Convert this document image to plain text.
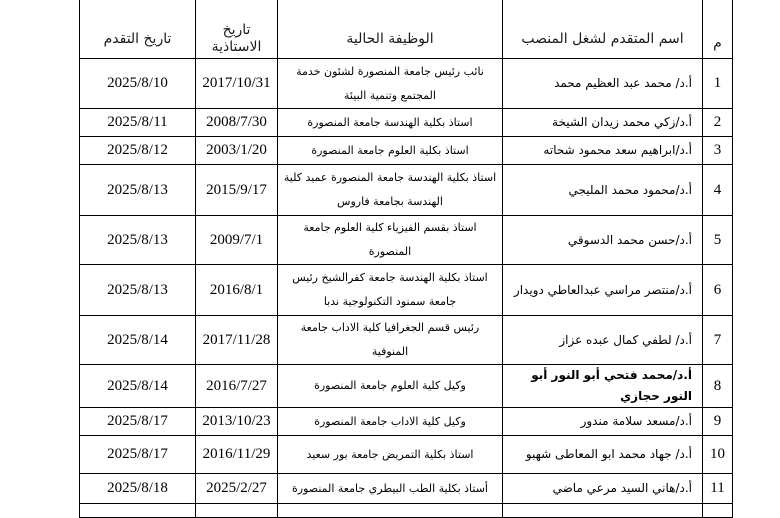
م	اسم المتقدم لشغل المنصب	الوظيفة الحالية	تاريخ الاستاذية	تاريخ التقدم
1	أ.د/ محمد عبد العظيم محمد	نائب رئيس جامعة المنصورة لشئون خدمة المجتمع وتنمية البيئة	2017/10/31	2025/8/10
2	أ.د/زكي محمد زيدان الشيخة	استاذ بكلية الهندسة جامعة المنصورة	2008/7/30	2025/8/11
3	أ.د/ابراهيم سعد محمود شحاته	استاذ بكلية العلوم جامعة المنصورة	2003/1/20	2025/8/12
4	أ.د/محمود محمد المليجي	استاذ بكلية الهندسة جامعة المنصورة عميد كلية الهندسة بجامعة فاروس	2015/9/17	2025/8/13
5	أ.د/حسن محمد الدسوقي	استاذ بقسم الفيزياء كلية العلوم جامعة المنصورة	2009/7/1	2025/8/13
6	أ.د/منتصر مراسي عبدالعاطي دويدار	استاذ بكلية الهندسة جامعة كفرالشيخ رئيس جامعة سمنود التكنولوجية ندبا	2016/8/1	2025/8/13
7	أ.د/ لطفي كمال عبده عزاز	رئيس قسم الجغرافيا كلية الاداب جامعة المنوفية	2017/11/28	2025/8/14
8	أ.د/محمد فتحي أبو النور أبو النور حجازي	وكيل كلية العلوم جامعة المنصورة	2016/7/27	2025/8/14
9	أ.د/مسعد سلامة مندور	وكيل كلية الاداب جامعة المنصورة	2013/10/23	2025/8/17
10	أ.د/ جهاد محمد ابو المعاطى شهبو	استاذ بكلية التمريض جامعة بور سعيد	2016/11/29	2025/8/17
11	أ.د/هاني السيد مرعي ماضي	أستاذ بكلية الطب البيطري جامعة المنصورة	2025/2/27	2025/8/18
